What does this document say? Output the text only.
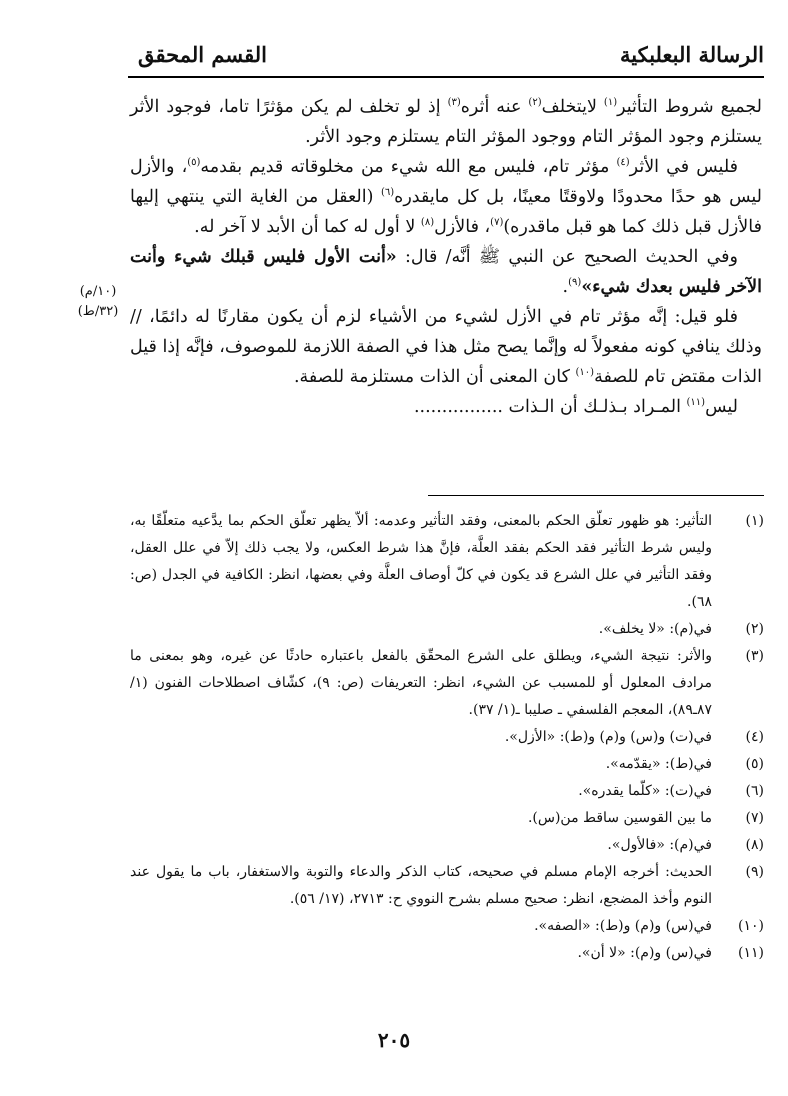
الرسالة البعلبكية
القسم المحقق
(١٠/م)
(٣٢/ط)

لجميع شروط التأثير$^{(١)}$ لايتخلف$^{(٢)}$ عنه أثره$^{(٣)}$ إذ لو تخلف لم يكن مؤثرًا تاما، فوجود الأثر يستلزم وجود المؤثر التام ووجود المؤثر التام يستلزم وجود الأثر.

فليس في الأثر$^{(٤)}$ مؤثر تام، فليس مع الله شيء من مخلوقاته قديم بقدمه$^{(٥)}$، والأزل ليس هو حدًا محدودًا ولاوقتًا معينًا، بل كل مايقدره$^{(٦)}$ (العقل من الغاية التي ينتهي إليها فالأزل قبل ذلك كما هو قبل ماقدره)$^{(٧)}$، فالأزل$^{(٨)}$ لا أول له كما أن الأبد لا آخر له.

وفي الحديث الصحيح عن النبي ﷺ أنَّه/ قال: «أنت الأول فليس قبلك شيء وأنت الآخر فليس بعدك شيء»$^{(٩)}$.

فلو قيل: إنَّه مؤثر تام في الأزل لشيء من الأشياء لزم أن يكون مقارنًا له دائمًا، // وذلك ينافي كونه مفعولاً له وإنَّما يصح مثل هذا في الصفة اللازمة للموصوف، فإنَّه إذا قيل الذات مقتض تام للصفة$^{(١٠)}$ كان المعنى أن الذات مستلزمة للصفة.

ليس$^{(١١)}$ المـراد بـذلـك أن الـذات ................

(١)
التأثير: هو ظهور تعلّق الحكم بالمعنى، وفقد التأثير وعدمه: ألاّ يظهر تعلّق الحكم بما يدَّعيه متعلّقًا به، وليس شرط التأثير فقد الحكم بفقد العلَّة، فإنَّ هذا شرط العكس، ولا يجب ذلك إلاّ في علل العقل، وفقد التأثير في علل الشرع قد يكون في كلّ أوصاف العلَّة وفي بعضها، انظر: الكافية في الجدل (ص: ٦٨).
(٢)
في(م): «لا يخلف».
(٣)
والأثر: نتيجة الشيء، ويطلق على الشرع المحقّق بالفعل باعتباره حادثًا عن غيره، وهو بمعنى ما مرادف المعلول أو للمسبب عن الشيء، انظر: التعريفات (ص: ٩)، كشّاف اصطلاحات الفنون (١/ ٨٧ـ٨٩)، المعجم الفلسفي ـ صليبا ـ(١/ ٣٧).
(٤)
في(ت) و(س) و(م) و(ط): «الأزل».
(٥)
في(ط): «يقدّمه».
(٦)
في(ت): «كلّما يقدره».
(٧)
ما بين القوسين ساقط من(س).
(٨)
في(م): «فالأول».
(٩)
الحديث: أخرجه الإمام مسلم في صحيحه، كتاب الذكر والدعاء والتوبة والاستغفار، باب ما يقول عند النوم وأخذ المضجع، انظر: صحيح مسلم بشرح النووي ح: ٢٧١٣، (١٧/ ٥٦).
(١٠)
في(س) و(م) و(ط): «الصفه».
(١١)
في(س) و(م): «لا أن».
٢٠٥
